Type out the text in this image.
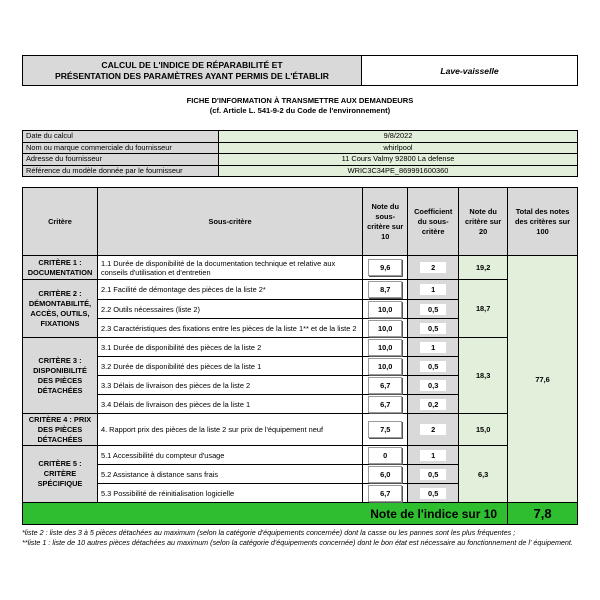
CALCUL DE L'INDICE DE RÉPARABILITÉ ET
PRÉSENTATION DES PARAMÈTRES AYANT PERMIS DE L'ÉTABLIR	Lave-vaisselle
FICHE D'INFORMATION À TRANSMETTRE AUX DEMANDEURS
(cf. Article L. 541-9-2 du Code de l'environnement)
Date du calcul	9/8/2022
Nom ou marque commerciale du fournisseur	whirlpool
Adresse du fournisseur	11 Cours Valmy 92800 La defense
Référence du modèle donnée par le fournisseur	WRIC3C34PE_869991600360
Critère	Sous-critère	Note du sous-critère sur 10	Coefficient du sous-critère	Note du critère sur 20	Total des notes des critères sur 100
CRITÈRE 1 : DOCUMENTATION	1.1 Durée de disponibilité de la documentation technique et relative aux conseils d'utilisation et d'entretien	9,6	2	19,2	77,6
CRITÈRE 2 : DÉMONTABILITÉ, ACCÈS, OUTILS, FIXATIONS	2.1 Facilité de démontage des pièces de la liste 2*	8,7	1	18,7	
	2.2 Outils nécessaires (liste 2)	10,0	0,5		
	2.3 Caractéristiques des fixations entre les pièces de la liste 1** et de la liste 2	10,0	0,5		
CRITÈRE 3 : DISPONIBILITÉ DES PIÈCES DÉTACHÉES	3.1 Durée de disponibilité des pièces de la liste 2	10,0	1	18,3	
	3.2 Durée de disponibilité des pièces de la liste 1	10,0	0,5		
	3.3 Délais de livraison des pièces de la liste 2	6,7	0,3		
	3.4 Délais de livraison des pièces de la liste 1	6,7	0,2		
CRITÈRE 4 : PRIX DES PIÈCES DÉTACHÉES	4. Rapport prix des pièces de la liste 2 sur prix de l'équipement neuf	7,5	2	15,0	
CRITÈRE 5 : CRITÈRE SPÉCIFIQUE	5.1 Accessibilité du compteur d'usage	0	1	6,3	
	5.2 Assistance à distance sans frais	6,0	0,5		
	5.3 Possibilité de réinitialisation logicielle	6,7	0,5		
Note de l'indice sur 10					7,8
*liste 2 : liste des 3 à 5 pièces détachées au maximum (selon la catégorie d'équipements concernée) dont la casse ou les pannes sont les plus fréquentes ;
**liste 1 : liste de 10 autres pièces détachées au maximum (selon la catégorie d'équipements concernée) dont le bon état est nécessaire au fonctionnement de l' équipement.
